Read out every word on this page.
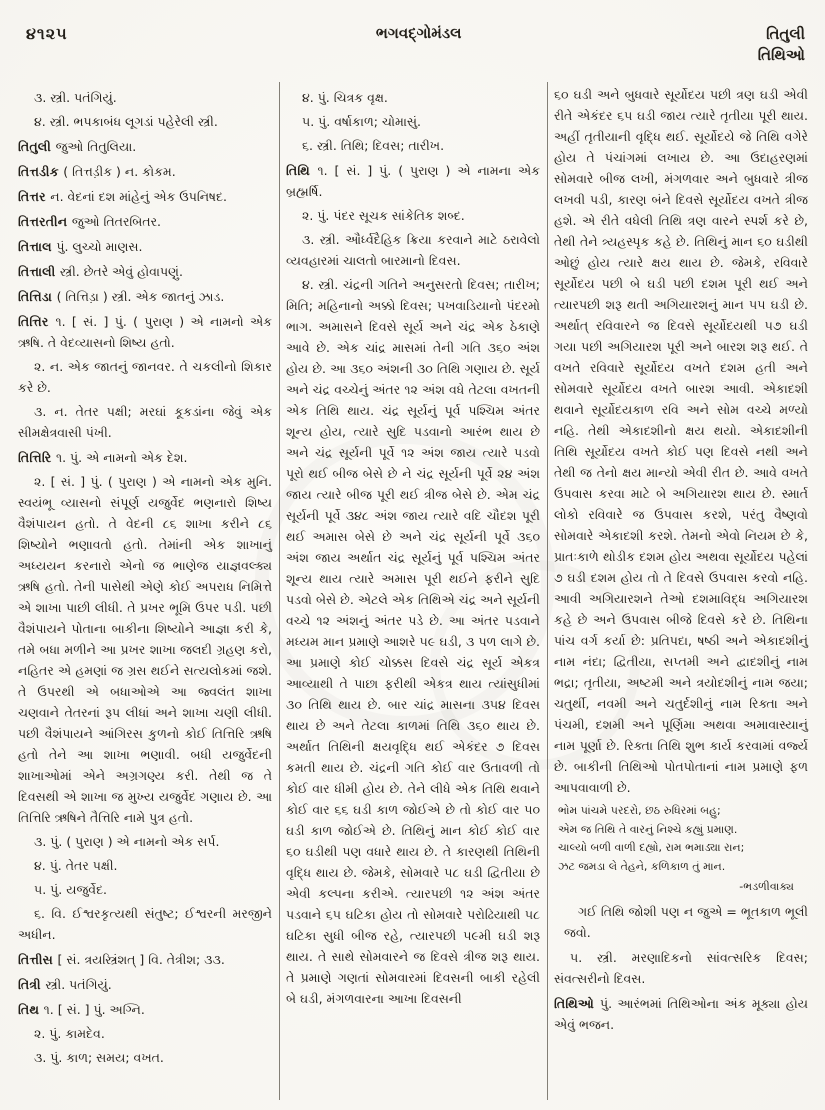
૪૧૨૫	ભગવદ્ગોમંડલ	તિતુલી
તિથિઓ

૩. સ્ત્રી. પતંગિયું.

૪. સ્ત્રી. ભપકાબંધ લૂગડાં પહેરેલી સ્ત્રી.

તિતુલી જુઓ તિતુલિયા.

તિત્તડીક ( તિત્તડ઼ીક ) ન. કોકમ.

તિત્તર ન. વેદનાં દશ માંહેનું એક ઉપનિષદ.

તિત્તરતીન જુઓ તિતરબિતર.

તિત્તાલ પું. લુચ્ચો માણસ.

તિત્તાલી સ્ત્રી. છેતરે એવું હોવાપણું.

તિત્તિડા ( તિત્તિડ઼ા ) સ્ત્રી. એક જાતનું ઝાડ.

તિત્તિર ૧. [ સં. ] પું. ( પુરાણ ) એ નામનો એક ઋષિ. તે વેદવ્યાસનો શિષ્ય હતો.

૨. ન. એક જાતનું જાનવર. તે ચકલીનો શિકાર કરે છે.

૩. ન. તેતર પક્ષી; મરઘાં કૂકડાંના જેવું એક સીમક્ષેત્રવાસી પંખી.

તિત્તિરિ ૧. પું. એ નામનો એક દેશ.

૨. [ સં. ] પું. ( પુરાણ ) એ નામનો એક મુનિ. સ્વયંભૂ વ્યાસનો સંપૂર્ણ યજુર્વેદ ભણનારો શિષ્ય વૈશંપાયન હતો. તે વેદની ૮૬ શાખા કરીને ૮૬ શિષ્યોને ભણાવતો હતો. તેમાંની એક શાખાનું અધ્યયન કરનારો એનો જ ભાણેજ યાજ્ઞવલ્ક્ય ઋષિ હતો. તેની પાસેથી એણે કોઈ અપરાધ નિમિત્તે એ શાખા પાછી લીધી. તે પ્રખર ભૂમિ ઉપર પડી. પછી વૈશંપાયને પોતાના બાકીના શિષ્યોને આજ્ઞા કરી કે, તમે બધા મળીને આ પ્રખર શાખા જલદી ગ્રહણ કરો, નહિતર એ હમણાં જ ગ્રસ થઈને સત્યલોકમાં જશે. તે ઉપરથી એ બધાઓએ આ જ્વલંત શાખા ચણવાને તેતરનાં રૂપ લીધાં અને શાખા ચણી લીધી. પછી વૈશંપાયને આંગિરસ કુળનો કોઈ તિત્તિરિ ઋષિ હતો તેને આ શાખા ભણાવી. બધી યજુર્વેદની શાખાઓમાં એને અગ્રગણ્ય કરી. તેથી જ તે દિવસથી એ શાખા જ મુખ્ય યજુર્વેદ ગણાય છે. આ તિત્તિરિ ઋષિને તૈત્તિરિ નામે પુત્ર હતો.

૩. પું. ( પુરાણ ) એ નામનો એક સર્પ.

૪. પું. તેતર પક્ષી.

૫. પું. યજુર્વેદ.

૬. વિ. ઈશ્વરકૃત્યથી સંતુષ્ટ; ઈશ્વરની મરજીને અધીન.

તિત્તીસ [ સં. ત્રયસ્ત્રિંશત્ ] વિ. તેત્રીશ; ૩૩.

તિત્રી સ્ત્રી. પતંગિયું.

તિથ ૧. [ સં. ] પું. અગ્નિ.

૨. પું. કામદેવ.

૩. પું. કાળ; સમય; વખત.

૪. પું. ચિત્રક વૃક્ષ.

૫. પું. વર્ષાકાળ; ચોમાસું.

૬. સ્ત્રી. તિથિ; દિવસ; તારીખ.

તિથિ ૧. [ સં. ] પું. ( પુરાણ ) એ નામના એક બ્રહ્મર્ષિ.

૨. પું. પંદર સૂચક સાંકેતિક શબ્દ.

૩. સ્ત્રી. ઔર્ધ્વદૈહિક ક્રિયા કરવાને માટે ઠરાવેલો વ્યવહારમાં ચાલતો બારમાનો દિવસ.

૪. સ્ત્રી. ચંદ્રની ગતિને અનુસરતો દિવસ; તારીખ; મિતિ; મહિનાનો અક્કો દિવસ; પખવાડિયાનો પંદરમો ભાગ. અમાસને દિવસે સૂર્ય અને ચંદ્ર એક ઠેકાણે આવે છે. એક ચાંદ્ર માસમાં તેની ગતિ ૩૬૦ અંશ હોય છે. આ ૩૬૦ અંશની ૩૦ તિથિ ગણાય છે. સૂર્ય અને ચંદ્ર વચ્ચેનું અંતર ૧૨ અંશ વધે તેટલા વખતની એક તિથિ થાય. ચંદ્ર સૂર્યનું પૂર્વ પશ્ચિમ અંતર શૂન્ય હોય, ત્યારે સુદિ પડવાનો આરંભ થાય છે અને ચંદ્ર સૂર્યની પૂર્વે ૧૨ અંશ જાય ત્યારે પડવો પૂરો થઈ બીજ બેસે છે ને ચંદ્ર સૂર્યની પૂર્વે ૨૪ અંશ જાય ત્યારે બીજ પૂરી થઈ ત્રીજ બેસે છે. એમ ચંદ્ર સૂર્યની પૂર્વે ૩૪૮ અંશ જાય ત્યારે વદિ ચૌદશ પૂરી થઈ અમાસ બેસે છે અને ચંદ્ર સૂર્યની પૂર્વે ૩૬૦ અંશ જાય અર્થાત ચંદ્ર સૂર્યનું પૂર્વ પશ્ચિમ અંતર શૂન્ય થાય ત્યારે અમાસ પૂરી થઈને ફરીને સુદિ પડવો બેસે છે. એટલે એક તિથિએ ચંદ્ર અને સૂર્યની વચ્ચે ૧૨ અંશનું અંતર પડે છે. આ અંતર પડવાને મધ્યમ માન પ્રમાણે આશરે ૫૯ ઘડી, ૩ પળ લાગે છે. આ પ્રમાણે કોઈ ચોક્કસ દિવસે ચંદ્ર સૂર્ય એકત્ર આવ્યાથી તે પાછા ફરીથી એકત્ર થાય ત્યાંસુધીમાં ૩૦ તિથિ થાય છે. બાર ચાંદ્ર માસના ૩૫૪ દિવસ થાય છે અને તેટલા કાળમાં તિથિ ૩૬૦ થાય છે. અર્થાત તિથિની ક્ષયવૃદ્ધિ થઈ એકંદર ૭ દિવસ કમતી થાય છે. ચંદ્રની ગતિ કોઈ વાર ઉતાવળી તો કોઈ વાર ધીમી હોય છે. તેને લીધે એક તિથિ થવાને કોઈ વાર ૬૬ ઘડી કાળ જોઈએ છે તો કોઈ વાર ૫૦ ઘડી કાળ જોઈએ છે. તિથિનું માન કોઈ કોઈ વાર ૬૦ ઘડીથી પણ વધારે થાય છે. તે કારણથી તિથિની વૃદ્ધિ થાય છે. જેમકે, સોમવારે ૫૮ ઘડી દ્વિતીયા છે એવી કલ્પના કરીએ. ત્યારપછી ૧૨ અંશ અંતર પડવાને ૬૫ ઘટિકા હોય તો સોમવારે પરોઢિયાથી ૫૮ ઘટિકા સુધી બીજ રહે, ત્યારપછી ૫૯મી ઘડી શરૂ થાય. તે સાથે સોમવારને જ દિવસે ત્રીજ શરૂ થાય. તે પ્રમાણે ગણતાં સોમવારમાં દિવસની બાકી રહેલી બે ઘડી, મંગળવારના આખા દિવસની

૬૦ ઘડી અને બુધવારે સૂર્યોદય પછી ત્રણ ઘડી એવી રીતે એકંદર ૬૫ ઘડી જાય ત્યારે તૃતીયા પૂરી થાય. અહીં તૃતીયાની વૃદ્ધિ થઈ. સૂર્યોદયે જે તિથિ વગેરે હોય તે પંચાંગમાં લખાય છે. આ ઉદાહરણમાં સોમવારે બીજ લખી, મંગળવાર અને બુધવારે ત્રીજ લખવી પડી, કારણ બંને દિવસે સૂર્યોદય વખતે ત્રીજ હશે. એ રીતે વધેલી તિથિ ત્રણ વારને સ્પર્શ કરે છે, તેથી તેને ત્ર્યહસ્પૃક કહે છે. તિથિનું માન ૬૦ ઘડીથી ઓછું હોય ત્યારે ક્ષય થાય છે. જેમકે, રવિવારે સૂર્યોદય પછી બે ઘડી પછી દશમ પૂરી થઈ અને ત્યારપછી શરૂ થતી અગિયારશનું માન ૫૫ ઘડી છે. અર્થાત્ રવિવારને જ દિવસે સૂર્યોદયથી ૫૭ ઘડી ગયા પછી અગિયારશ પૂરી અને બારશ શરૂ થઈ. તે વખતે રવિવારે સૂર્યોદય વખતે દશમ હતી અને સોમવારે સૂર્યોદય વખતે બારશ આવી. એકાદશી થવાને સૂર્યોદયકાળ રવિ અને સોમ વચ્ચે મળ્યો નહિ. તેથી એકાદશીનો ક્ષય થયો. એકાદશીની તિથિ સૂર્યોદય વખતે કોઈ પણ દિવસે નથી અને તેથી જ તેનો ક્ષય માન્યો એવી રીત છે. આવે વખતે ઉપવાસ કરવા માટે બે અગિયારશ થાય છે. સ્માર્ત લોકો રવિવારે જ ઉપવાસ કરશે, પરંતુ વૈષ્ણવો સોમવારે એકાદશી કરશે. તેમનો એવો નિયમ છે કે, પ્રાતઃકાળે થોડીક દશમ હોય અથવા સૂર્યોદય પહેલાં ૭ ઘડી દશમ હોય તો તે દિવસે ઉપવાસ કરવો નહિ. આવી અગિયારશને તેઓ દશમાવિદ્ધ અગિયારશ કહે છે અને ઉપવાસ બીજે દિવસે કરે છે. તિથિના પાંચ વર્ગ કર્યા છે: પ્રતિપદા, ષષ્ઠી અને એકાદશીનું નામ નંદા; દ્વિતીયા, સપ્તમી અને દ્વાદશીનું નામ ભદ્રા; તૃતીયા, અષ્ટમી અને ત્રયોદશીનું નામ જયા; ચતુર્થી, નવમી અને ચતુર્દશીનું નામ રિક્તા અને પંચમી, દશમી અને પૂર્ણિમા અથવા અમાવાસ્યાનું નામ પૂર્ણા છે. રિક્તા તિથિ શુભ કાર્ય કરવામાં વર્જ્ય છે. બાકીની તિથિઓ પોતપોતાનાં નામ પ્રમાણે ફળ આપવાવાળી છે.

ભોમ પાંચમે પરદરો, છઠ રુધિરમાં બહુ;
એમ જ તિથિ તે વારનું નિશ્ચે કહ્યું પ્રમાણ.
ચાલ્યો બળી વાળી દહ્યો, રામ ભમાડ્યા રાન;
ઝટ જમડા લે તેહને, કળિકાળ તું માન.

-ભડળીવાક્ય

ગઈ તિથિ જોશી પણ ન જુએ = ભૂતકાળ ભૂલી જવો.

૫. સ્ત્રી. મરણાદિકનો સાંવત્સરિક દિવસ; સંવત્સરીનો દિવસ.

તિથિઓ પું. આરંભમાં તિથિઓના અંક મૂક્યા હોય એવું ભજન.
